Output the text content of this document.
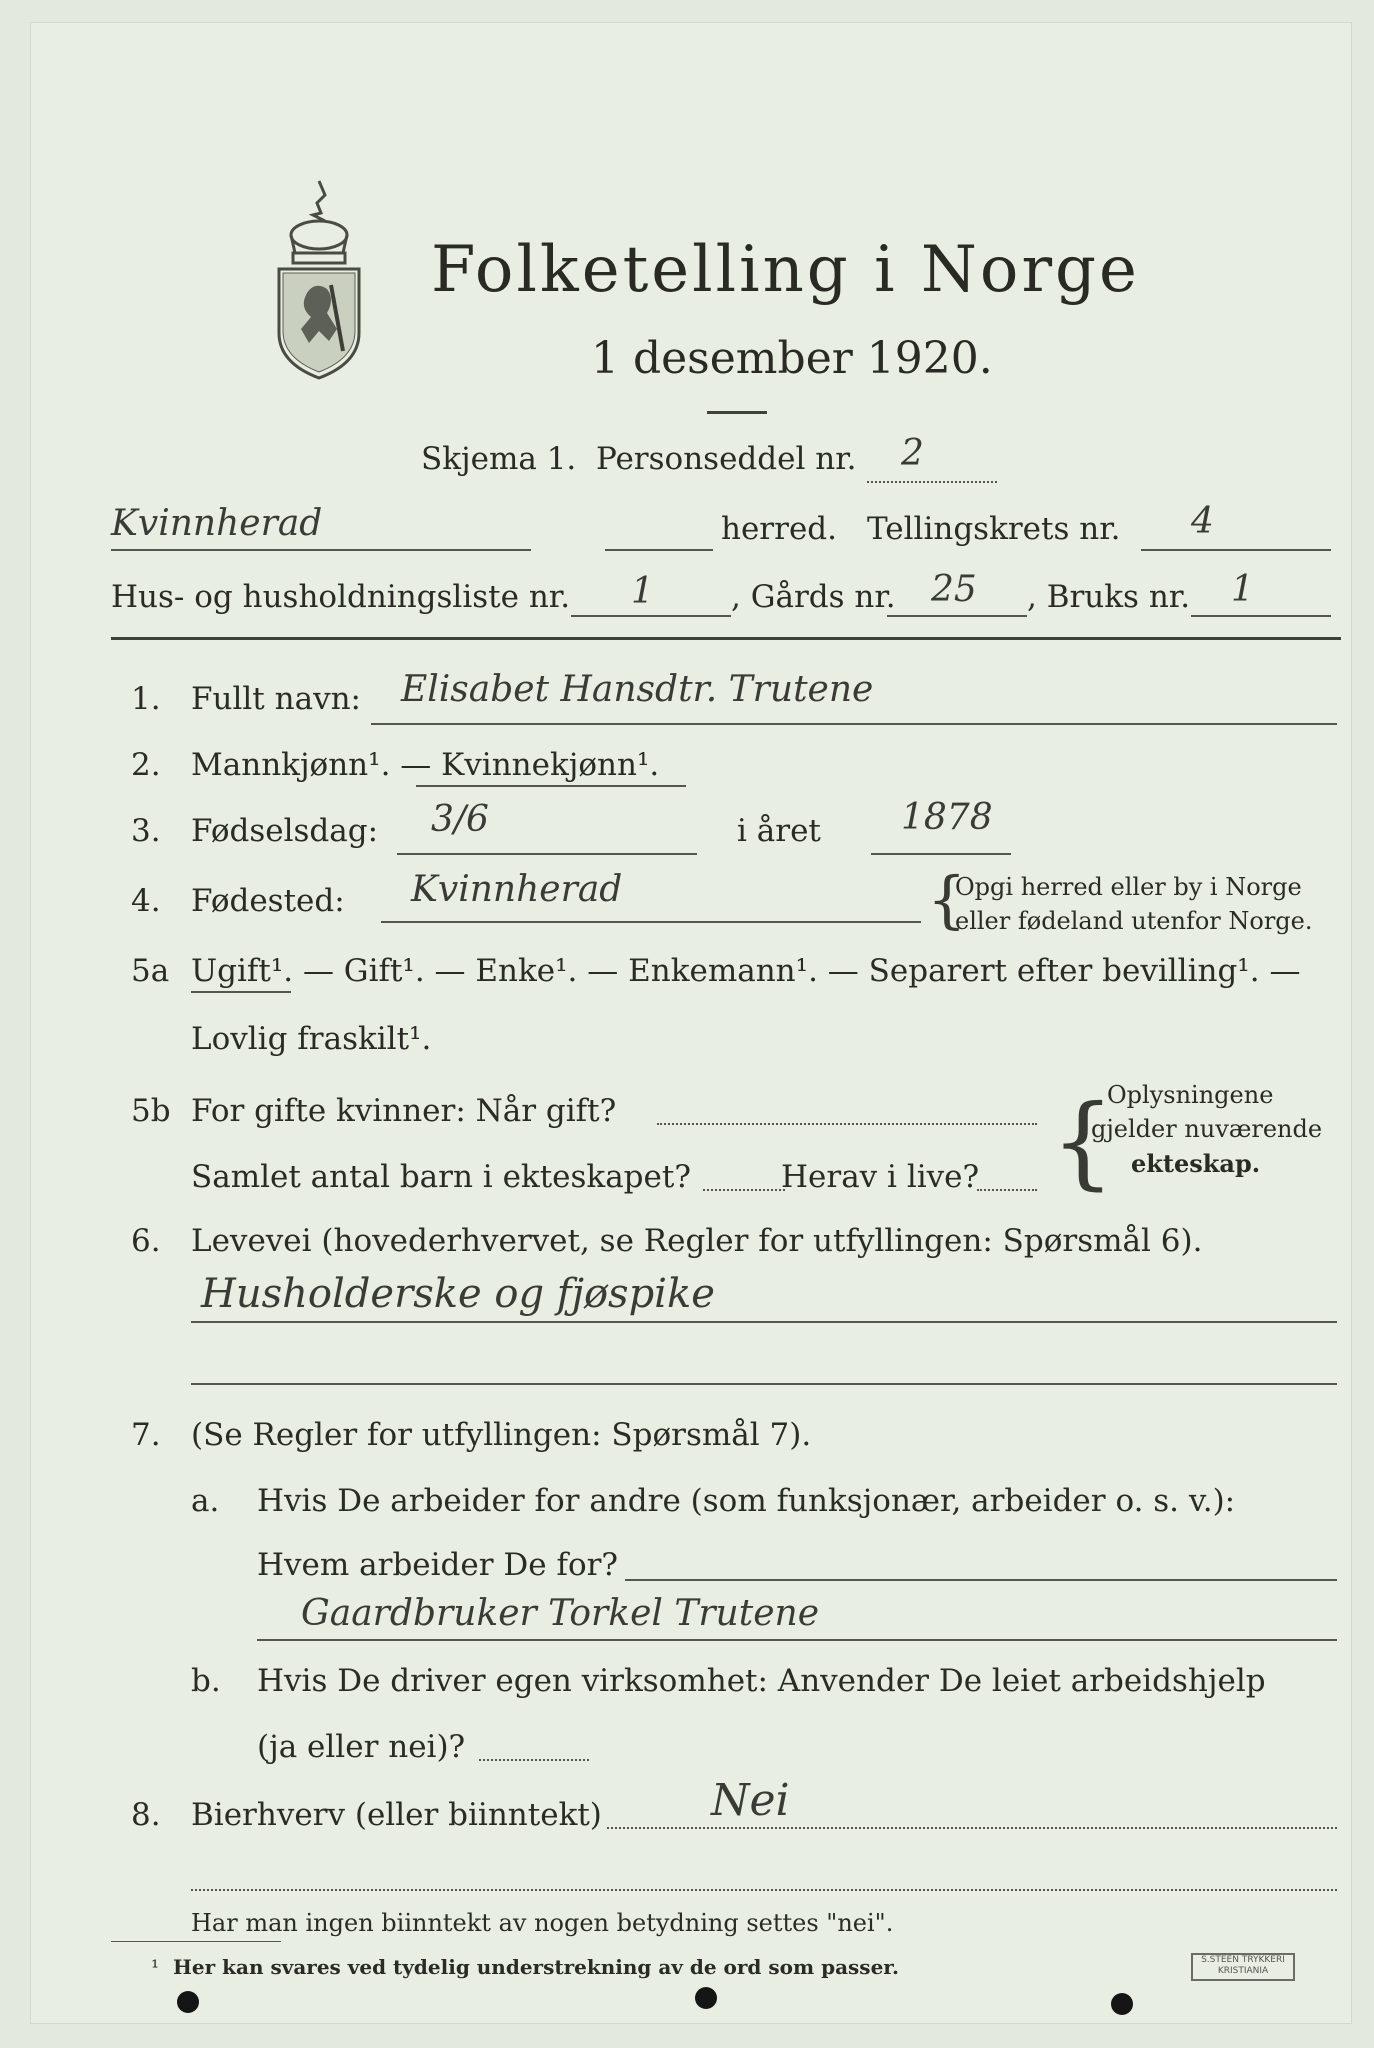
Folketelling i Norge
1 desember 1920.
Skjema 1. Personseddel nr. 2
Kvinnherad	herred. Tellingskrets nr. 4
Hus- og husholdningsliste nr. 1 , Gårds nr. 25 , Bruks nr. 1
1. Fullt navn: Elisabet Hansdtr. Trutene
2. Mannkjønn¹. — Kvinnekjønn¹.
3. Fødselsdag: 3/6	i året 1878
4. Fødested: Kvinnherad	{
Opgi herred eller by i Norge
eller fødeland utenfor Norge.
5a Ugift¹. — Gift¹. — Enke¹. — Enkemann¹. — Separert efter bevilling¹. —
Lovlig fraskilt¹.
5b For gifte kvinner: Når gift?
Samlet antal barn i ekteskapet?	Herav i live? {
Oplysningene
gjelder nuværende
ekteskap.
6. Levevei (hovederhvervet, se Regler for utfyllingen: Spørsmål 6).
Husholderske og fjøspike
7. (Se Regler for utfyllingen: Spørsmål 7).
a. Hvis De arbeider for andre (som funksjonær, arbeider o. s. v.):
Hvem arbeider De for?
Gaardbruker Torkel Trutene
b. Hvis De driver egen virksomhet: Anvender De leiet arbeidshjelp
(ja eller nei)?
8. Bierhverv (eller biinntekt) Nei
Har man ingen biinntekt av nogen betydning settes "nei".
¹ Her kan svares ved tydelig understrekning av de ord som passer.	S.STEEN TRYKKERI
KRISTIANIA
